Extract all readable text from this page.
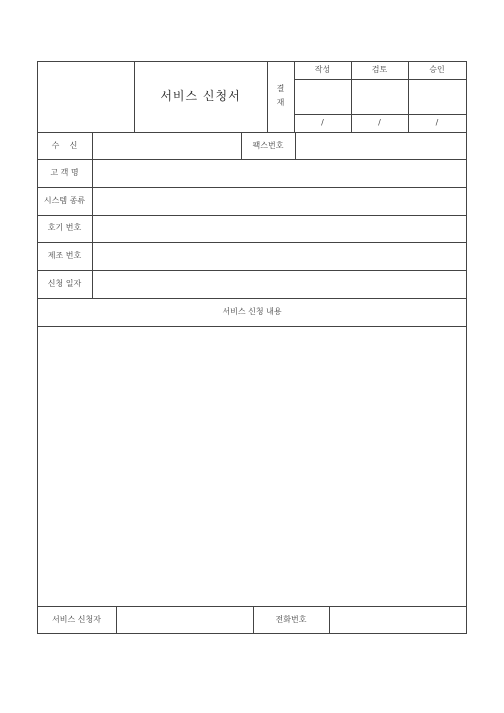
서비스 신청서
결
재
작성	검토	승인
/	/	/
수    신	팩스번호
고 객 명
시스템 종류
호기 번호
제조 번호
신청 일자
서비스 신청 내용
서비스 신청자	전화번호
